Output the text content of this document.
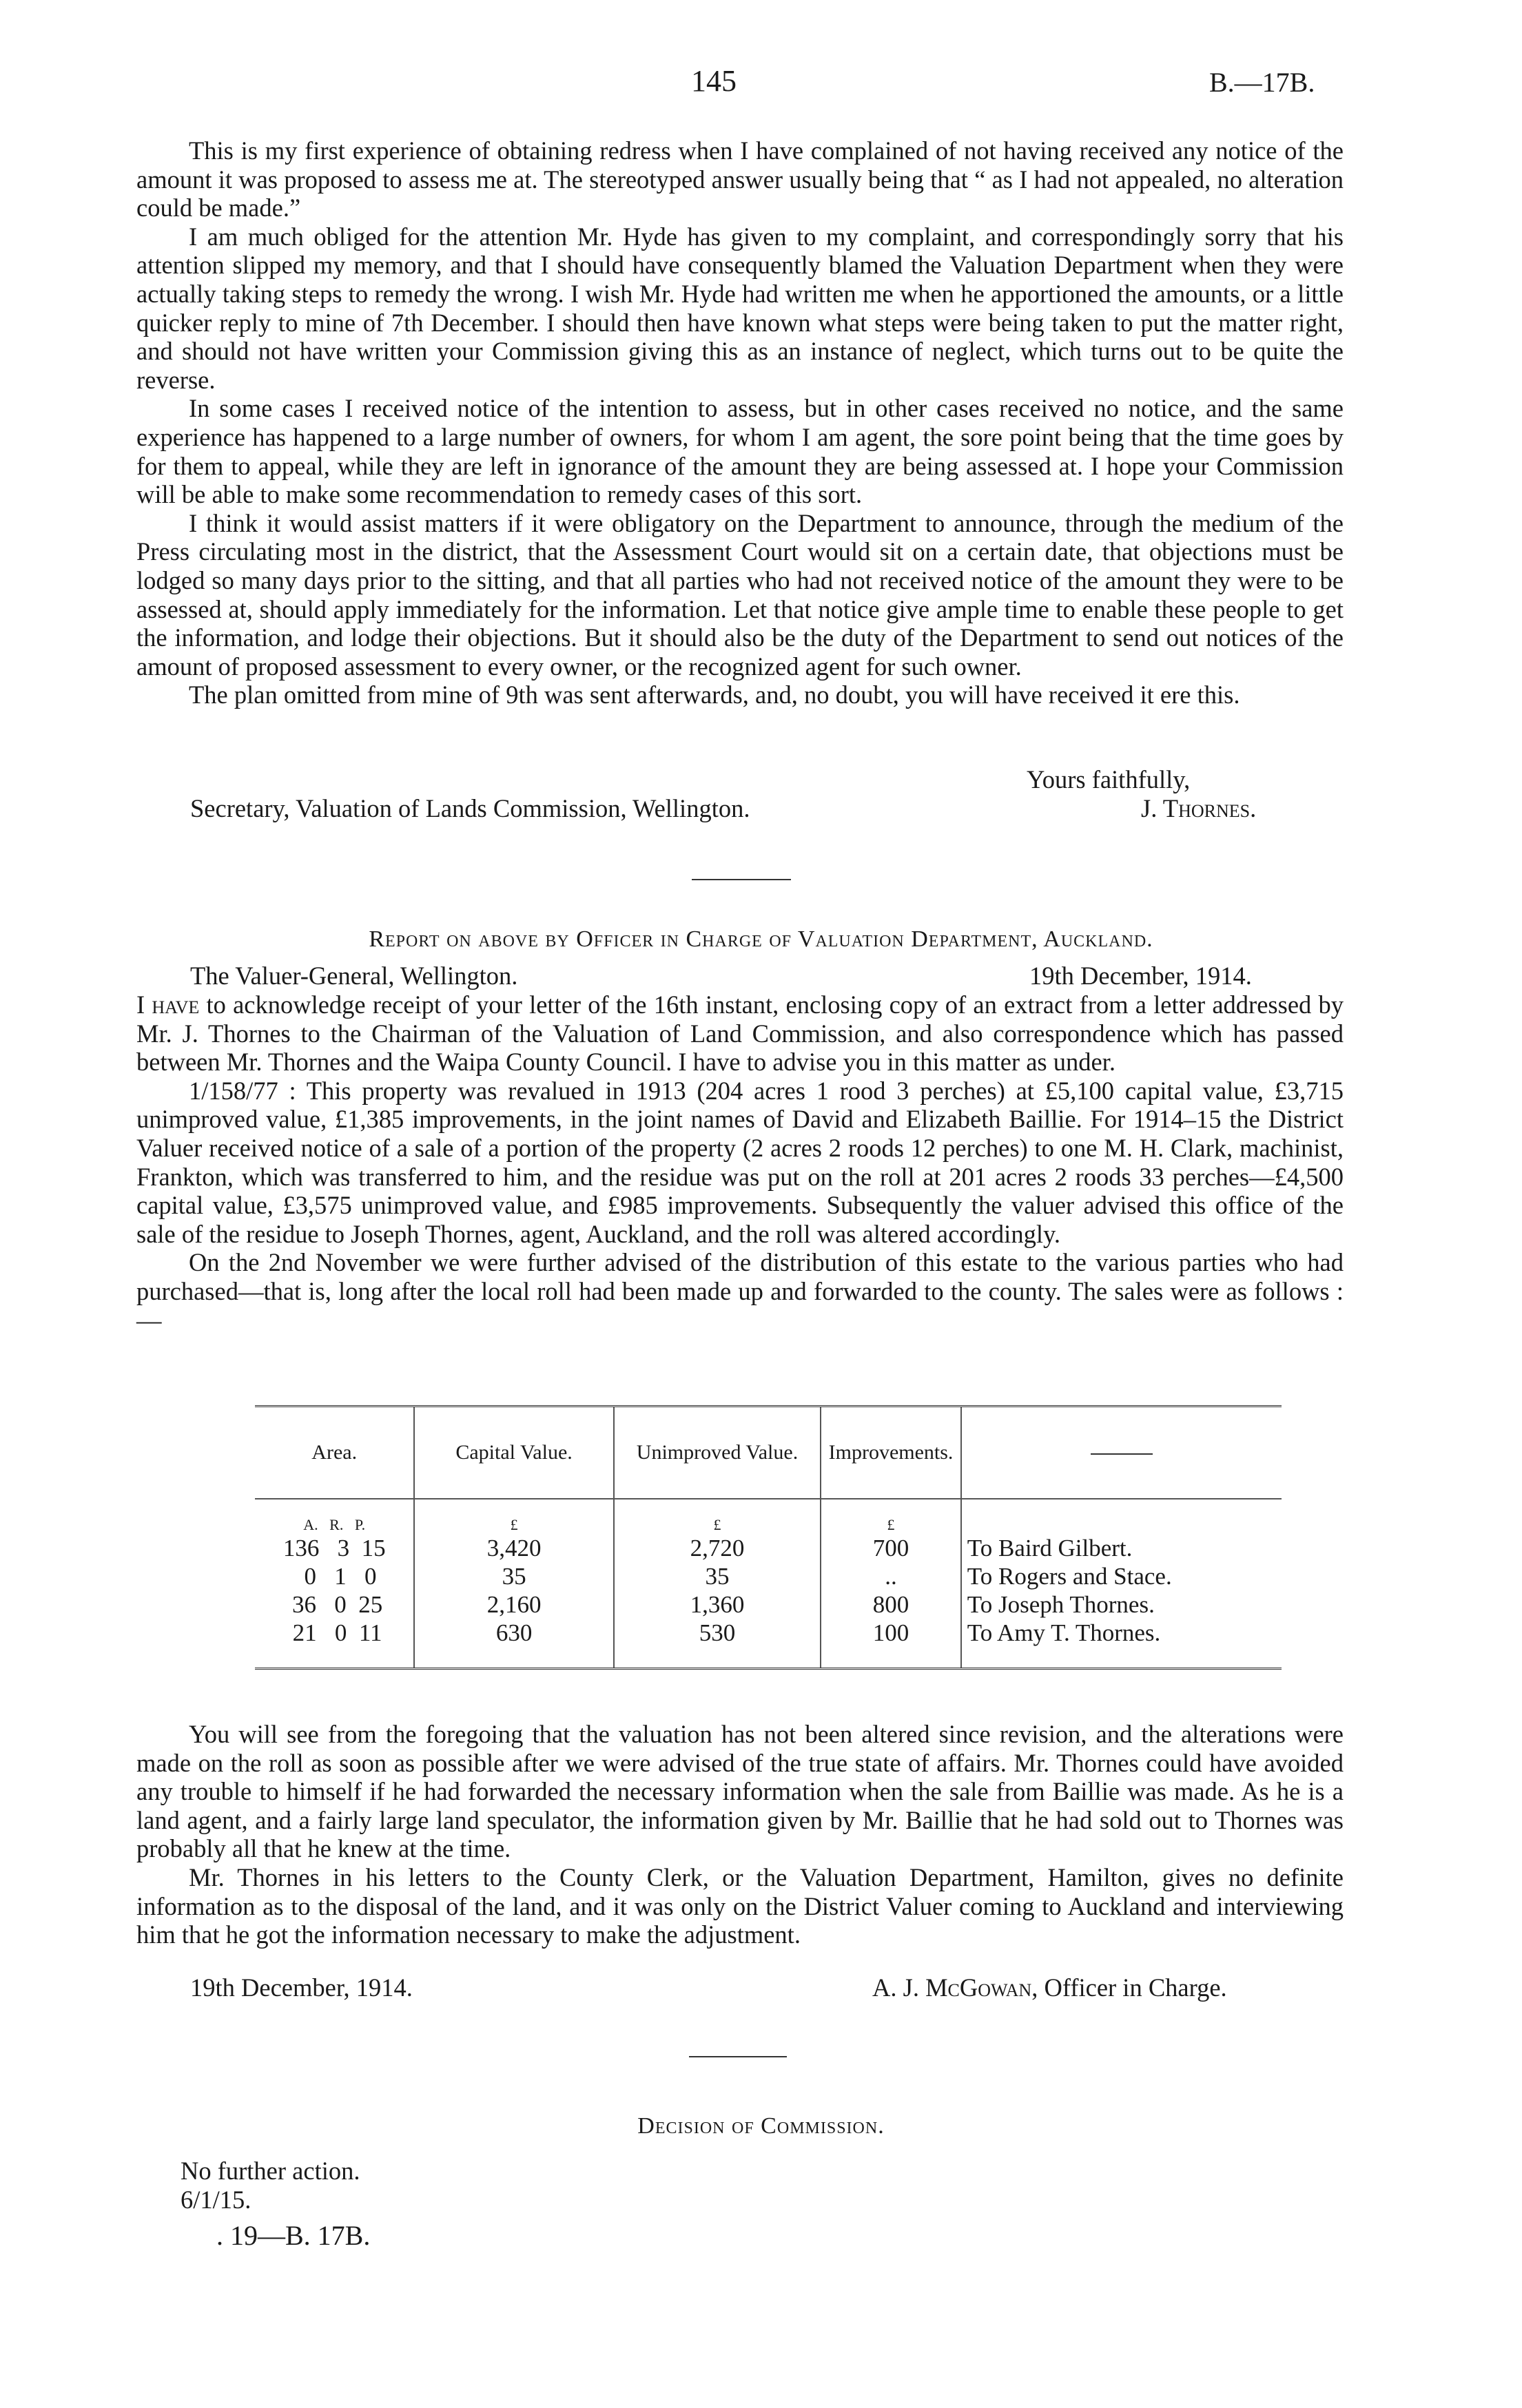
145	B.—17B.

This is my first experience of obtaining redress when I have complained of not having received any notice of the amount it was proposed to assess me at. The stereotyped answer usually being that “ as I had not appealed, no alteration could be made.”

I am much obliged for the attention Mr. Hyde has given to my complaint, and correspondingly sorry that his attention slipped my memory, and that I should have consequently blamed the Valuation Department when they were actually taking steps to remedy the wrong. I wish Mr. Hyde had written me when he apportioned the amounts, or a little quicker reply to mine of 7th December. I should then have known what steps were being taken to put the matter right, and should not have written your Commission giving this as an instance of neglect, which turns out to be quite the reverse.

In some cases I received notice of the intention to assess, but in other cases received no notice, and the same experience has happened to a large number of owners, for whom I am agent, the sore point being that the time goes by for them to appeal, while they are left in ignorance of the amount they are being assessed at. I hope your Commission will be able to make some recommendation to remedy cases of this sort.

I think it would assist matters if it were obligatory on the Department to announce, through the medium of the Press circulating most in the district, that the Assessment Court would sit on a certain date, that objections must be lodged so many days prior to the sitting, and that all parties who had not received notice of the amount they were to be assessed at, should apply immediately for the information. Let that notice give ample time to enable these people to get the information, and lodge their objections. But it should also be the duty of the Department to send out notices of the amount of proposed assessment to every owner, or the recognized agent for such owner.

The plan omitted from mine of 9th was sent afterwards, and, no doubt, you will have received it ere this.

Yours faithfully,
Secretary, Valuation of Lands Commission, Wellington.	J. Thornes.
Report on above by Officer in Charge of Valuation Department, Auckland.
The Valuer-General, Wellington.	19th December, 1914.

I have to acknowledge receipt of your letter of the 16th instant, enclosing copy of an extract from a letter addressed by Mr. J. Thornes to the Chairman of the Valuation of Land Commission, and also correspondence which has passed between Mr. Thornes and the Waipa County Council. I have to advise you in this matter as under.

1/158/77 : This property was revalued in 1913 (204 acres 1 rood 3 perches) at £5,100 capital value, £3,715 unimproved value, £1,385 improvements, in the joint names of David and Elizabeth Baillie. For 1914–15 the District Valuer received notice of a sale of a portion of the property (2 acres 2 roods 12 perches) to one M. H. Clark, machinist, Frankton, which was transferred to him, and the residue was put on the roll at 201 acres 2 roods 33 perches—£4,500 capital value, £3,575 unimproved value, and £985 improvements. Subsequently the valuer advised this office of the sale of the residue to Joseph Thornes, agent, Auckland, and the roll was altered accordingly.

On the 2nd November we were further advised of the distribution of this estate to the various parties who had purchased—that is, long after the local roll had been made up and forwarded to the county. The sales were as follows :—

Area.	Capital Value.	Unimproved Value.	Improvements.	
A.   R.   P.	£	£	£	
136   3  15	3,420	2,720	700	To Baird Gilbert.
0   1   0	35	35	..	To Rogers and Stace.
36   0  25	2,160	1,360	800	To Joseph Thornes.
21   0  11	630	530	100	To Amy T. Thornes.

You will see from the foregoing that the valuation has not been altered since revision, and the alterations were made on the roll as soon as possible after we were advised of the true state of affairs. Mr. Thornes could have avoided any trouble to himself if he had forwarded the necessary information when the sale from Baillie was made. As he is a land agent, and a fairly large land speculator, the information given by Mr. Baillie that he had sold out to Thornes was probably all that he knew at the time.

Mr. Thornes in his letters to the County Clerk, or the Valuation Department, Hamilton, gives no definite information as to the disposal of the land, and it was only on the District Valuer coming to Auckland and interviewing him that he got the information necessary to make the adjustment.

19th December, 1914.	A. J. McGowan, Officer in Charge.
Decision of Commission.
No further action.
6/1/15.
. 19—B. 17B.
